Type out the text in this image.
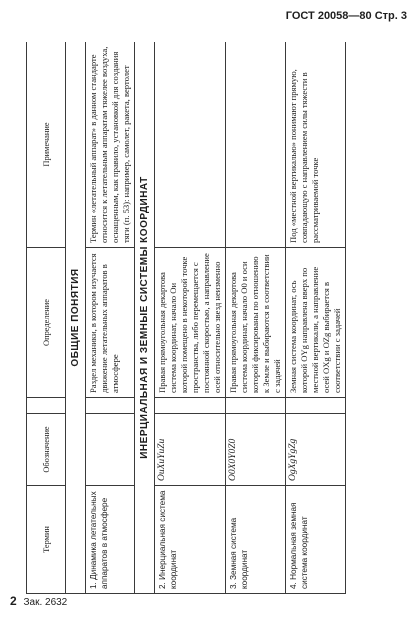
ГОСТ 20058—80 Стр. 3
Термин	Обозначение		Определение	Примечание
ОБЩИЕ ПОНЯТИЯ				
1. Динамика летательных аппаратов в атмосфере			Раздел механики, в котором изучается движение летательных аппаратов в атмосфере	Термин «летательный аппарат» в данном стандарте относится к летательным аппаратам тяжелее воздуха, оснащенным, как правило, установкой для создания тяги (п. 53): например, самолет, ракета, вертолет
ИНЕРЦИАЛЬНАЯ И ЗЕМНЫЕ СИСТЕМЫ КООРДИНАТ				
2. Инерциальная система координат	OиXиYиZи		Правая прямоугольная декартова система координат, начало Oи которой помещено в некоторой точке пространства, либо перемещается с постоянной скоростью, а направление осей относительно звезд неизменно	
3. Земная система координат	O0X0Y0Z0		Правая прямоугольная декартова система координат, начало O0 и оси которой фиксированы по отношению к Земле и выбираются в соответствии с задачей	
4. Нормальная земная система координат	OgXgYgZg		Земная система координат, ось которой OYg направлена вверх по местной вертикали, а направление осей OXg и OZg выбирается в соответствии с задачей	Под «местной вертикалью» понимают прямую, совпадающую с направлением силы тяжести в рассматриваемой точке
2 Зак. 2632
